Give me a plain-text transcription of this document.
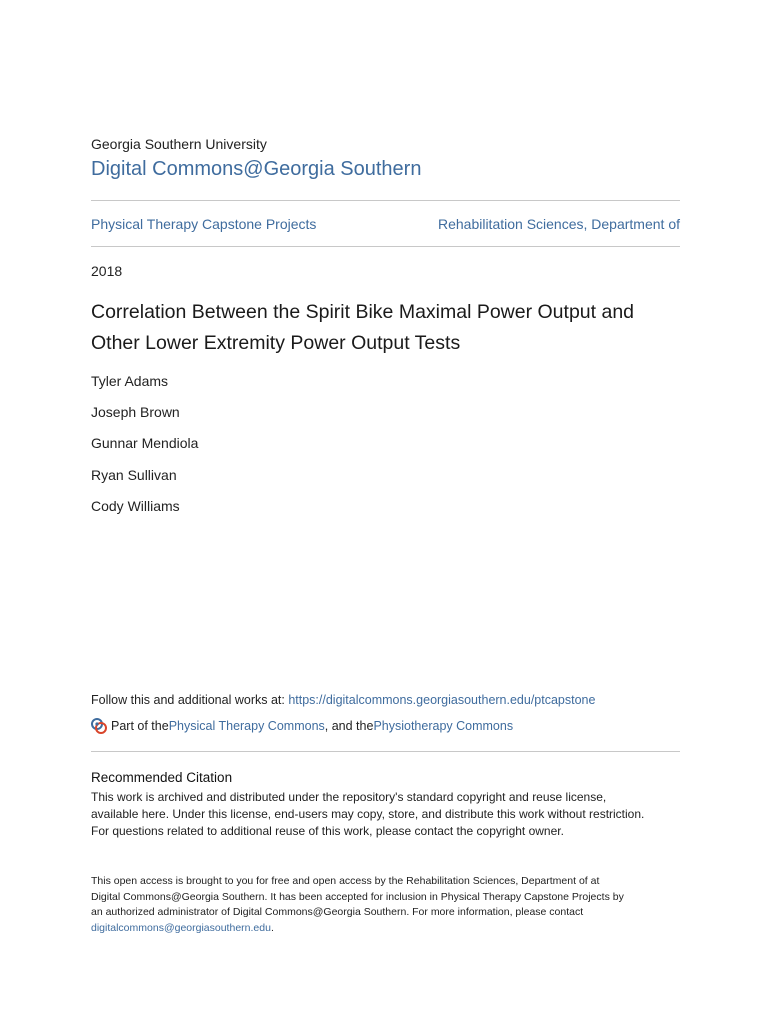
Georgia Southern University
Digital Commons@Georgia Southern
Physical Therapy Capstone Projects	Rehabilitation Sciences, Department of
2018
Correlation Between the Spirit Bike Maximal Power Output and Other Lower Extremity Power Output Tests
Tyler Adams
Joseph Brown
Gunnar Mendiola
Ryan Sullivan
Cody Williams
Follow this and additional works at: https://digitalcommons.georgiasouthern.edu/ptcapstone
Part of the Physical Therapy Commons , and the Physiotherapy Commons
Recommended Citation
This work is archived and distributed under the repository's standard copyright and reuse license,
available here. Under this license, end-users may copy, store, and distribute this work without restriction.
For questions related to additional reuse of this work, please contact the copyright owner.
This open access is brought to you for free and open access by the Rehabilitation Sciences, Department of at
Digital Commons@Georgia Southern. It has been accepted for inclusion in Physical Therapy Capstone Projects by
an authorized administrator of Digital Commons@Georgia Southern. For more information, please contact
digitalcommons@georgiasouthern.edu.
